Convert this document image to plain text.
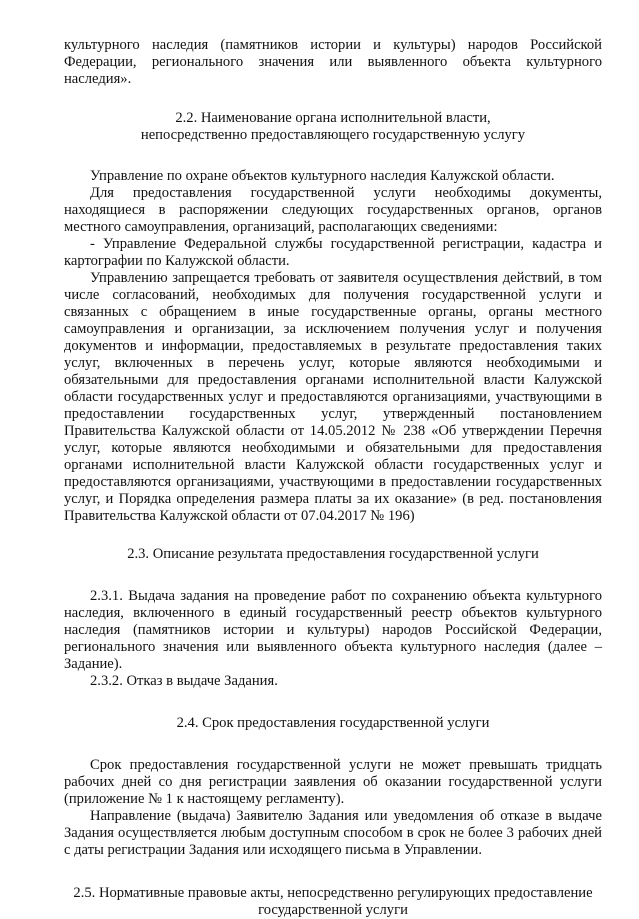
культурного наследия (памятников истории и культуры) народов Российской Федерации, регионального значения или выявленного объекта культурного наследия».

2.2. Наименование органа исполнительной власти,
непосредственно предоставляющего государственную услугу

Управление по охране объектов культурного наследия Калужской области.

Для предоставления государственной услуги необходимы документы, находящиеся в распоряжении следующих государственных органов, органов местного самоуправления, организаций, располагающих сведениями:

- Управление Федеральной службы государственной регистрации, кадастра и картографии по Калужской области.

Управлению запрещается требовать от заявителя осуществления действий, в том числе согласований, необходимых для получения государственной услуги и связанных с обращением в иные государственные органы, органы местного самоуправления и организации, за исключением получения услуг и получения документов и информации, предоставляемых в результате предоставления таких услуг, включенных в перечень услуг, которые являются необходимыми и обязательными для предоставления органами исполнительной власти Калужской области государственных услуг и предоставляются организациями, участвующими в предоставлении государственных услуг, утвержденный постановлением Правительства Калужской области от 14.05.2012 № 238 «Об утверждении Перечня услуг, которые являются необходимыми и обязательными для предоставления органами исполнительной власти Калужской области государственных услуг и предоставляются организациями, участвующими в предоставлении государственных услуг, и Порядка определения размера платы за их оказание» (в ред. постановления Правительства Калужской области от 07.04.2017 № 196)

2.3. Описание результата предоставления государственной услуги

2.3.1. Выдача задания на проведение работ по сохранению объекта культурного наследия, включенного в единый государственный реестр объектов культурного наследия (памятников истории и культуры) народов Российской Федерации, регионального значения или выявленного объекта культурного наследия (далее – Задание).

2.3.2. Отказ в выдаче Задания.

2.4. Срок предоставления государственной услуги

Срок предоставления государственной услуги не может превышать тридцать рабочих дней со дня регистрации заявления об оказании государственной услуги (приложение № 1 к настоящему регламенту).

Направление (выдача) Заявителю Задания или уведомления об отказе в выдаче Задания осуществляется любым доступным способом в срок не более 3 рабочих дней с даты регистрации Задания или исходящего письма в Управлении.

2.5. Нормативные правовые акты, непосредственно регулирующих предоставление
государственной услуги
